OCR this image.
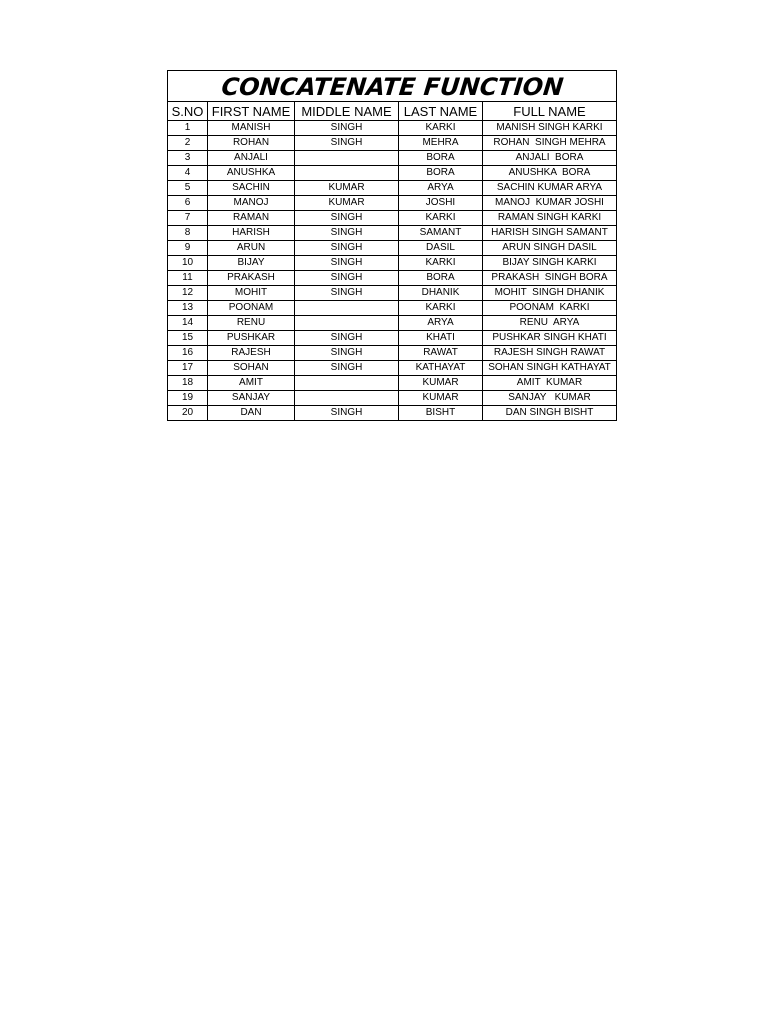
CONCATENATE FUNCTION				
S.NO	FIRST NAME	MIDDLE NAME	LAST NAME	FULL NAME
1	MANISH	SINGH	KARKI	MANISH SINGH KARKI
2	ROHAN	SINGH	MEHRA	ROHAN  SINGH MEHRA
3	ANJALI		BORA	ANJALI  BORA
4	ANUSHKA		BORA	ANUSHKA  BORA
5	SACHIN	KUMAR	ARYA	SACHIN KUMAR ARYA
6	MANOJ	KUMAR	JOSHI	MANOJ  KUMAR JOSHI
7	RAMAN	SINGH	KARKI	RAMAN SINGH KARKI
8	HARISH	SINGH	SAMANT	HARISH SINGH SAMANT
9	ARUN	SINGH	DASIL	ARUN SINGH DASIL
10	BIJAY	SINGH	KARKI	BIJAY SINGH KARKI
11	PRAKASH	SINGH	BORA	PRAKASH  SINGH BORA
12	MOHIT	SINGH	DHANIK	MOHIT  SINGH DHANIK
13	POONAM		KARKI	POONAM  KARKI
14	RENU		ARYA	RENU  ARYA
15	PUSHKAR	SINGH	KHATI	PUSHKAR SINGH KHATI
16	RAJESH	SINGH	RAWAT	RAJESH SINGH RAWAT
17	SOHAN	SINGH	KATHAYAT	SOHAN SINGH KATHAYAT
18	AMIT		KUMAR	AMIT  KUMAR
19	SANJAY		KUMAR	SANJAY   KUMAR
20	DAN	SINGH	BISHT	DAN SINGH BISHT
